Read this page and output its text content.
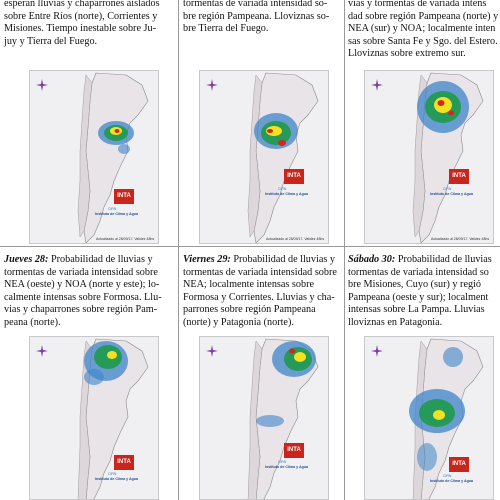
esperan lluvias y chaparrones aislados

sobre Entre Ríos (norte), Corrientes y

Misiones. Tiempo inestable sobre Ju-

juy y Tierra del Fuego.

tormentas de variada intensidad so-

bre región Pampeana. Lloviznas so-

bre Tierra del Fuego.

vias y tormentas de variada intens

dad sobre región Pampeana (norte) y

NEA (sur) y NOA; localmente inten

sas sobre Santa Fe y Sgo. del Estero.

Lloviznas sobre extremo sur.

INTA
CIRN
Instituto de Clima y Agua
Actualizado al 28/09/17. Validez 48hs
INTA
CIRN
Instituto de Clima y Agua
Actualizado al 28/09/17. Validez 48hs
INTA
CIRN
Instituto de Clima y Agua
Actualizado al 28/09/17. Validez 48hs

Jueves 28: Probabilidad de lluvias y

tormentas de variada intensidad sobre

NEA (oeste) y NOA (norte y este); lo-

calmente intensas sobre Formosa. Llu-

vias y chaparrones sobre región Pam-

peana (norte).

Viernes 29: Probabilidad de lluvias y

tormentas de variada intensidad sobre

NEA; localmente intensas sobre

Formosa y Corrientes. Lluvias y cha-

parrones sobre región Pampeana

(norte) y Patagonia (norte).

Sábado 30: Probabilidad de lluvias

tormentas de variada intensidad so

bre Misiones, Cuyo (sur) y regió

Pampeana (oeste y sur); localment

intensas sobre La Pampa. Lluvias

lloviznas en Patagonia.

INTA
CIRN
Instituto de Clima y Agua
INTA
CIRN
Instituto de Clima y Agua	INTA
CIRN
Instituto de Clima y Agua
